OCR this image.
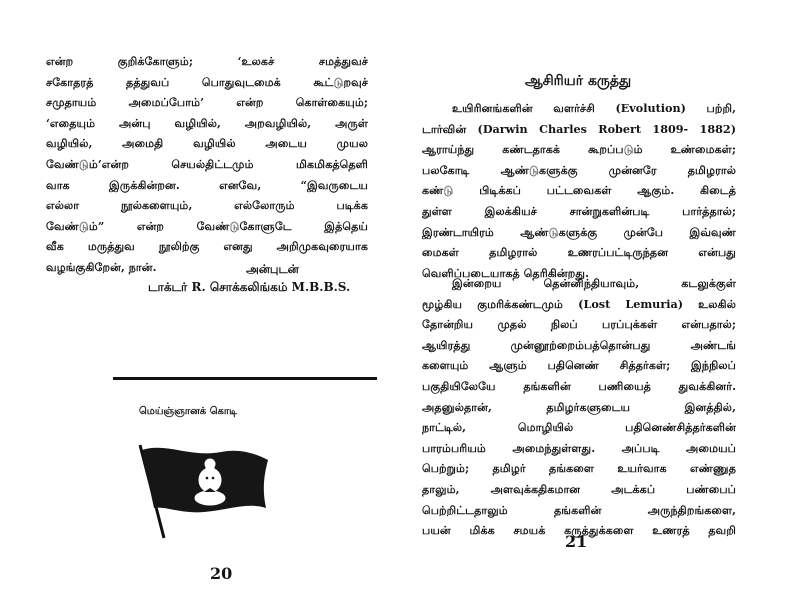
என்ற குறிக்கோளும்; ‘உலகச் சமத்துவச்
சகோதரத் தத்துவப் பொதுவுடமைக் கூட்டுறவுச்
சமுதாயம் அமைப்போம்’ என்ற கொள்கையும்;
‘எதையும் அன்பு வழியில், அறவழியில், அருள்
வழியில், அமைதி வழியில் அடைய முயல
வேண்டும்’என்ற செயல்திட்டமும் மிகமிகத்தெளி
வாக இருக்கின்றன. எனவே, “இவருடைய
எல்லா நூல்களையும், எல்லோரும் படிக்க
வேண்டும்” என்ற வேண்டுகோளுடே இத்தெய்
வீக மருத்துவ நூலிற்கு எனது அறிமுகவுரையாக
வழங்குகிறேன், நான்.	அன்புடன்
டாக்டர் R. சொக்கலிங்கம் M.B.B.S.
மெய்ஞ்ஞானக் கொடி
20
ஆசிரியர் கருத்து
உயிரினங்களின் வளர்ச்சி (Evolution) பற்றி,
டார்வின் (Darwin Charles Robert 1809- 1882)
ஆராய்ந்து கண்டதாகக் கூறப்படும் உண்மைகள்;
பலகோடி ஆண்டுகளுக்கு முன்னரே தமிழரால்
கண்டு பிடிக்கப் பட்டவைகள் ஆகும். கிடைத்
துள்ள இலக்கியச் சான்றுகளின்படி பார்த்தால்;
இரண்டாயிரம் ஆண்டுகளுக்கு முன்பே இவ்வுண்
மைகள் தமிழரால் உணரப்பட்டிருந்தன என்பது
வெளிப்படையாகத் தெரிகின்றது.
இன்றைய தென்னிந்தியாவும், கடலுக்குள்
மூழ்கிய குமரிக்கண்டமும் (Lost Lemuria) உலகில்
தோன்றிய முதல் நிலப் பரப்புக்கள் என்பதால்;
ஆயிரத்து முன்னூற்றைம்பத்தொன்பது அண்டங்
களையும் ஆளும் பதினெண் சித்தர்கள்; இந்நிலப்
பகுதியிலேயே தங்களின் பணியைத் துவக்கினர்.
அதனுல்தான், தமிழர்களுடைய இனத்தில்,
நாட்டில், மொழியில் பதினெண்சித்தர்களின்
பாரம்பரியம் அமைந்துள்ளது. அப்படி அமையப்
பெற்றும்; தமிழர் தங்களை உயர்வாக எண்ணுத
தாலும், அளவுக்கதிகமான அடக்கப் பண்பைப்
பெற்றிட்டதாலும் தங்களின் அருந்திறங்களை,
பயன் மிக்க சமயக் கருத்துக்களை உணரத் தவறி
21
